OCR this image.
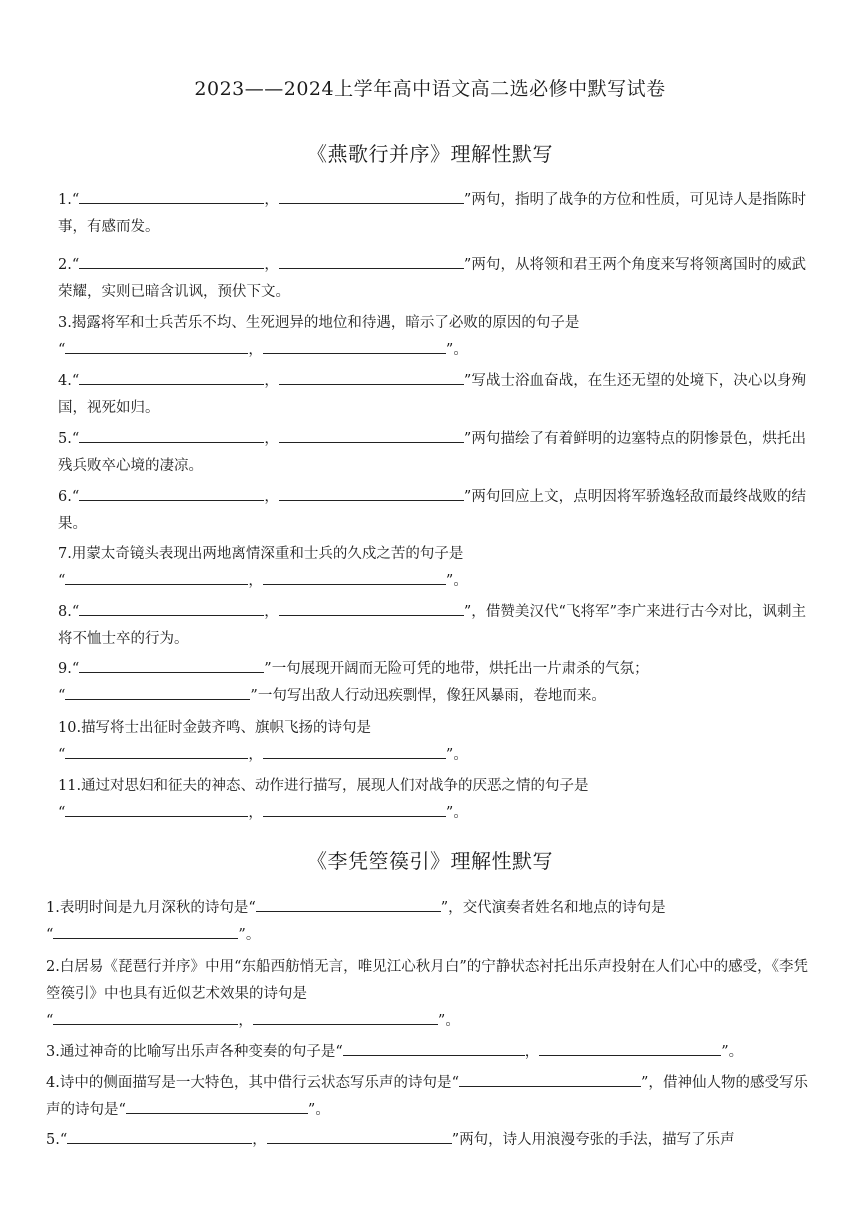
2023——2024上学年高中语文高二选必修中默写试卷
《燕歌行并序》理解性默写

1.“	，	”两句，指明了战争的方位和性质，可见诗人是指陈时事，有感而发。

2.“	，	”两句，从将领和君王两个角度来写将领离国时的威武荣耀，实则已暗含讥讽，预伏下文。

3.揭露将军和士兵苦乐不均、生死迥异的地位和待遇，暗示了必败的原因的句子是
“	，	”。

4.“	，	”写战士浴血奋战，在生还无望的处境下，决心以身殉国，视死如归。

5.“	，	”两句描绘了有着鲜明的边塞特点的阴惨景色，烘托出残兵败卒心境的凄凉。

6.“	，	”两句回应上文，点明因将军骄逸轻敌而最终战败的结果。

7.用蒙太奇镜头表现出两地离情深重和士兵的久戍之苦的句子是
“	，	”。

8.“	，	”，借赞美汉代“飞将军”李广来进行古今对比，讽刺主将不恤士卒的行为。

9.“	”一句展现开阔而无险可凭的地带，烘托出一片肃杀的气氛；
“	”一句写出敌人行动迅疾剽悍，像狂风暴雨，卷地而来。

10.描写将士出征时金鼓齐鸣、旗帜飞扬的诗句是
“	，	”。

11.通过对思妇和征夫的神态、动作进行描写，展现人们对战争的厌恶之情的句子是
“	，	”。

《李凭箜篌引》理解性默写

1.表明时间是九月深秋的诗句是“	”，交代演奏者姓名和地点的诗句是
“	”。

2.白居易《琵琶行并序》中用“东船西舫悄无言，唯见江心秋月白”的宁静状态衬托出乐声投射在人们心中的感受，《李凭箜篌引》中也具有近似艺术效果的诗句是
“	，	”。

3.通过神奇的比喻写出乐声各种变奏的句子是“	，	”。

4.诗中的侧面描写是一大特色，其中借行云状态写乐声的诗句是“	”，借神仙人物的感受写乐声的诗句是“	”。

5.“	，	”两句，诗人用浪漫夸张的手法，描写了乐声
